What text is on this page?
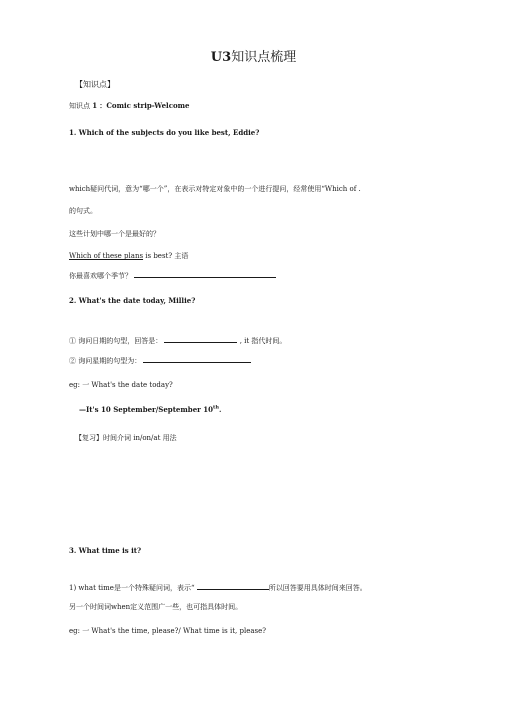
U3知识点梳理
【知识点】
知识点 1 ：Comic strip-Welcome
1. Which of the subjects do you like best, Eddie?
which疑问代词，意为“哪一个”，在表示对特定对象中的一个进行提问，经常使用“Which of .
的句式。
这些计划中哪一个是最好的？
Which of these plans is best? 主语
你最喜欢哪个季节？
2. What's the date today, Millie?
① 询问日期的句型，回答是：	, it 指代时间。
② 询问星期的句型为：
eg: 一 What's the date today?
—It's 10 September/September 10th.
【复习】时间介词 in/on/at 用法
3. What time is it?
1) what time是一个特殊疑问词，表示“	所以回答要用具体时间来回答。
另一个时间词when定义范围广一些，也可指具体时间。
eg: 一 What's the time, please?/ What time is it, please?
